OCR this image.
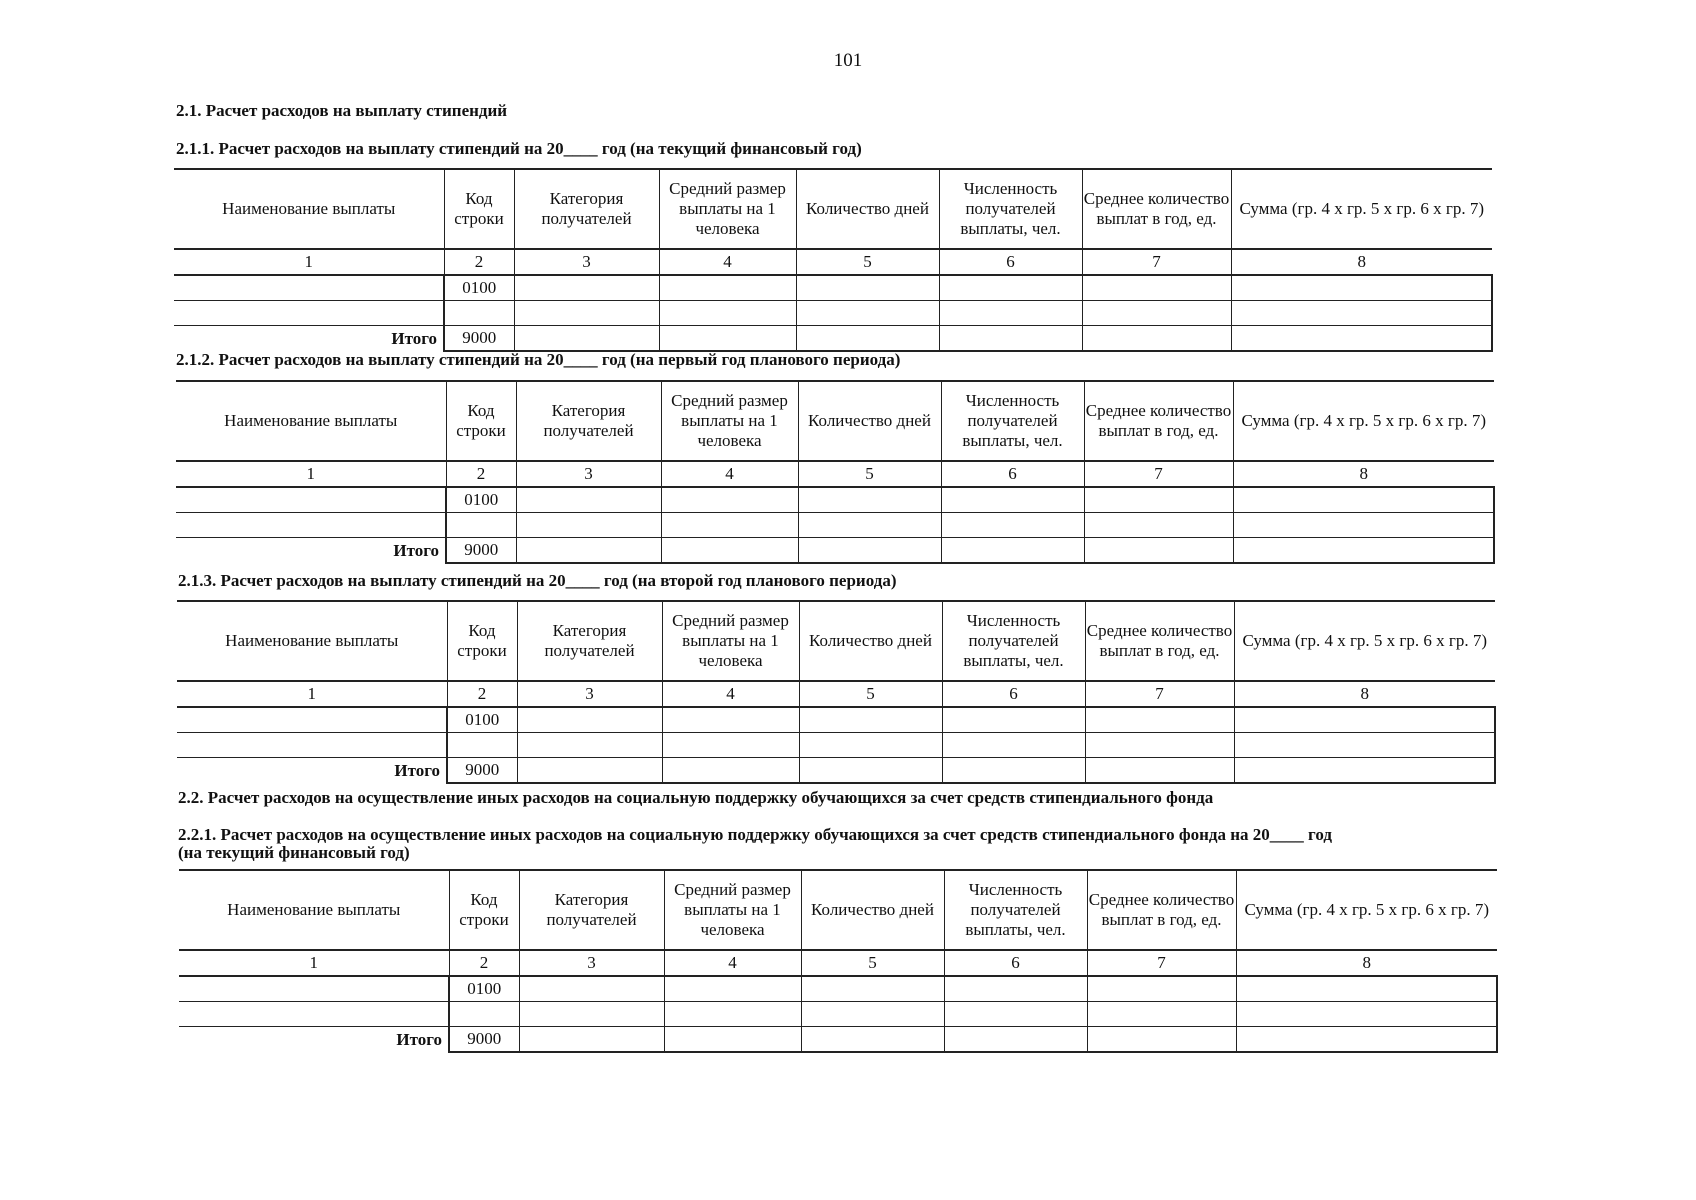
101
2.1. Расчет расходов на выплату стипендий
2.1.1. Расчет расходов на выплату стипендий на 20____ год (на текущий финансовый год)
Наименование выплаты	Код строки	Категория получателей	Средний размер выплаты на 1 человека	Количество дней	Численность получателей выплаты, чел.	Среднее количество выплат в год, ед.	Сумма (гр. 4 х гр. 5 х гр. 6 х гр. 7)
1	2	3	4	5	6	7	8
	0100						

Итого	9000						
2.1.2. Расчет расходов на выплату стипендий на 20____ год (на первый год планового периода)
Наименование выплаты	Код строки	Категория получателей	Средний размер выплаты на 1 человека	Количество дней	Численность получателей выплаты, чел.	Среднее количество выплат в год, ед.	Сумма (гр. 4 х гр. 5 х гр. 6 х гр. 7)
1	2	3	4	5	6	7	8
	0100						

Итого	9000						
2.1.3. Расчет расходов на выплату стипендий на 20____ год (на второй год планового периода)
Наименование выплаты	Код строки	Категория получателей	Средний размер выплаты на 1 человека	Количество дней	Численность получателей выплаты, чел.	Среднее количество выплат в год, ед.	Сумма (гр. 4 х гр. 5 х гр. 6 х гр. 7)
1	2	3	4	5	6	7	8
	0100						

Итого	9000						
2.2. Расчет расходов на осуществление иных расходов на социальную поддержку обучающихся за счет средств стипендиального фонда
2.2.1. Расчет расходов на осуществление иных расходов на социальную поддержку обучающихся за счет средств стипендиального фонда на 20____ год
(на текущий финансовый год)
Наименование выплаты	Код строки	Категория получателей	Средний размер выплаты на 1 человека	Количество дней	Численность получателей выплаты, чел.	Среднее количество выплат в год, ед.	Сумма (гр. 4 х гр. 5 х гр. 6 х гр. 7)
1	2	3	4	5	6	7	8
	0100						

Итого	9000						
